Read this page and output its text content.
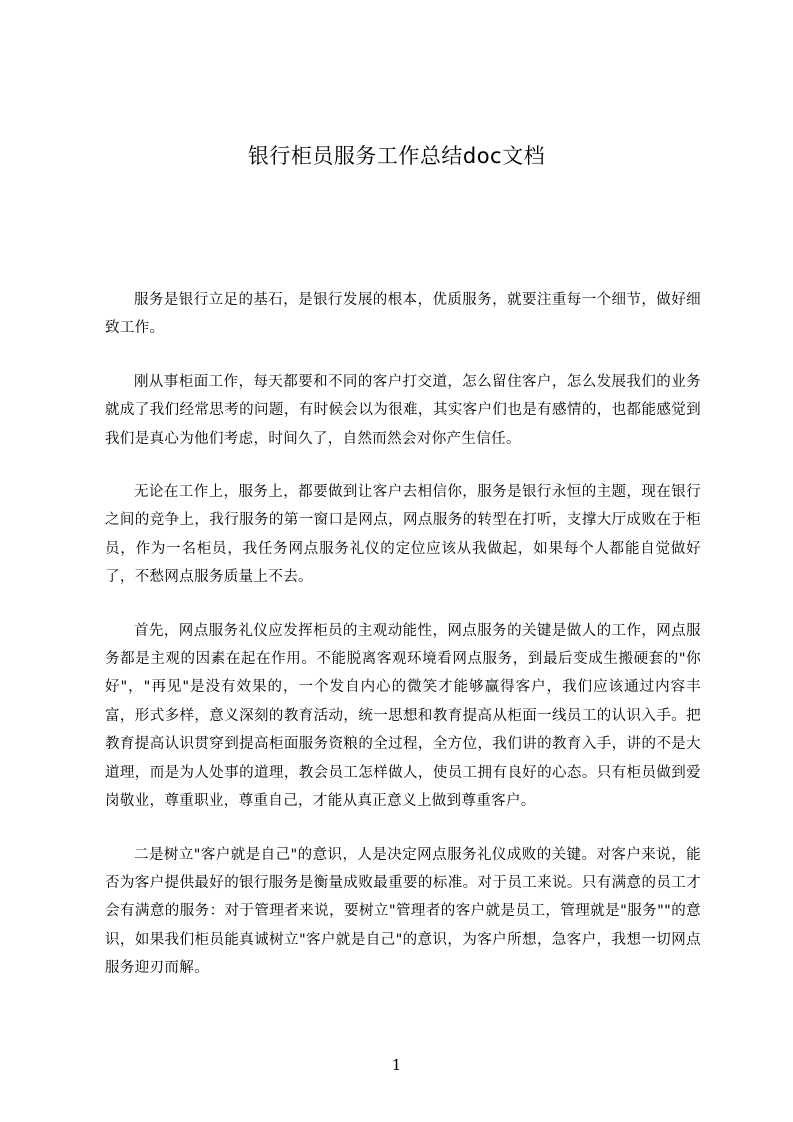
银行柜员服务工作总结doc文档

服务是银行立足的基石，是银行发展的根本，优质服务，就要注重每一个细节，做好细致工作。

刚从事柜面工作，每天都要和不同的客户打交道，怎么留住客户，怎么发展我们的业务就成了我们经常思考的问题，有时候会以为很难，其实客户们也是有感情的，也都能感觉到我们是真心为他们考虑，时间久了，自然而然会对你产生信任。

无论在工作上，服务上，都要做到让客户去相信你，服务是银行永恒的主题，现在银行之间的竞争上，我行服务的第一窗口是网点，网点服务的转型在打听，支撑大厅成败在于柜员，作为一名柜员，我任务网点服务礼仪的定位应该从我做起，如果每个人都能自觉做好了，不愁网点服务质量上不去。

首先，网点服务礼仪应发挥柜员的主观动能性，网点服务的关键是做人的工作，网点服务都是主观的因素在起在作用。不能脱离客观环境看网点服务，到最后变成生搬硬套的"你好"，"再见"是没有效果的，一个发自内心的微笑才能够赢得客户，我们应该通过内容丰富，形式多样，意义深刻的教育活动，统一思想和教育提高从柜面一线员工的认识入手。把教育提高认识贯穿到提高柜面服务资粮的全过程，全方位，我们讲的教育入手，讲的不是大道理，而是为人处事的道理，教会员工怎样做人，使员工拥有良好的心态。只有柜员做到爱岗敬业，尊重职业，尊重自己，才能从真正意义上做到尊重客户。

二是树立"客户就是自己"的意识，人是决定网点服务礼仪成败的关键。对客户来说，能否为客户提供最好的银行服务是衡量成败最重要的标准。对于员工来说。只有满意的员工才会有满意的服务：对于管理者来说，要树立"管理者的客户就是员工，管理就是"服务""的意识，如果我们柜员能真诚树立"客户就是自己"的意识，为客户所想，急客户，我想一切网点服务迎刃而解。

1
